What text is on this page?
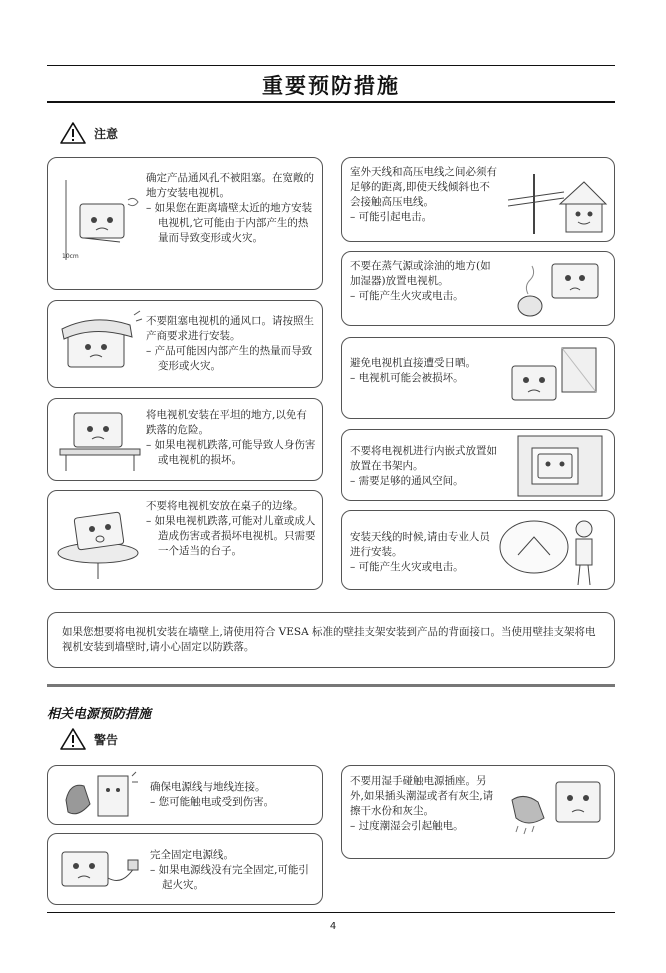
重要预防措施
注意
10cm

确定产品通风孔不被阻塞。在宽敞的地方安装电视机。

– 如果您在距离墙壁太近的地方安装电视机,它可能由于内部产生的热量而导致变形或火灾。

不要阻塞电视机的通风口。请按照生产商要求进行安装。

– 产品可能因内部产生的热量而导致变形或火灾。

将电视机安装在平坦的地方,以免有跌落的危险。

– 如果电视机跌落,可能导致人身伤害或电视机的损坏。

不要将电视机安放在桌子的边缘。

– 如果电视机跌落,可能对儿童或成人造成伤害或者损坏电视机。只需要一个适当的台子。

室外天线和高压电线之间必须有足够的距离,即使天线倾斜也不会接触高压电线。

– 可能引起电击。

不要在蒸气源或涂油的地方(如加湿器)放置电视机。

– 可能产生火灾或电击。

避免电视机直接遭受日晒。

– 电视机可能会被损坏。

不要将电视机进行内嵌式放置如放置在书架内。

– 需要足够的通风空间。

安装天线的时候,请由专业人员进行安装。

– 可能产生火灾或电击。

如果您想要将电视机安装在墙壁上,请使用符合 VESA 标准的壁挂支架安装到产品的背面接口。当使用壁挂支架将电视机安装到墙壁时,请小心固定以防跌落。
相关电源预防措施
警告

确保电源线与地线连接。

– 您可能触电或受到伤害。

完全固定电源线。

– 如果电源线没有完全固定,可能引起火灾。

不要用湿手碰触电源插座。另外,如果插头潮湿或者有灰尘,请擦干水份和灰尘。

– 过度潮湿会引起触电。

4
